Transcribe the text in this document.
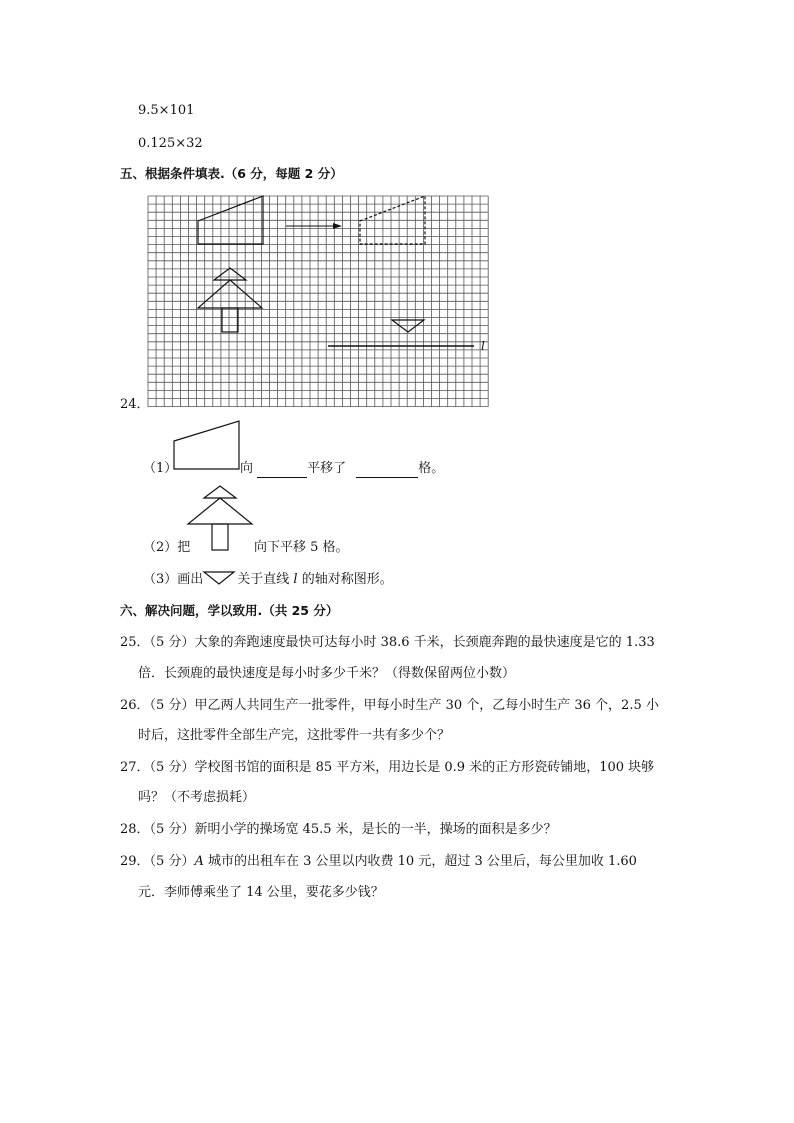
9.5×101
0.125×32
五、根据条件填表.（6 分，每题 2 分）
l
24．
（1）	向	平移了	格。
（2）把	向下平移 5 格。
（3）画出	关于直线 l 的轴对称图形。
六、解决问题，学以致用.（共 25 分）
25．（5 分）大象的奔跑速度最快可达每小时 38.6 千米，长颈鹿奔跑的最快速度是它的 1.33
倍．长颈鹿的最快速度是每小时多少千米？（得数保留两位小数）
26．（5 分）甲乙两人共同生产一批零件，甲每小时生产 30 个，乙每小时生产 36 个，2.5 小
时后，这批零件全部生产完，这批零件一共有多少个？
27．（5 分）学校图书馆的面积是 85 平方米，用边长是 0.9 米的正方形瓷砖铺地，100 块够
吗？（不考虑损耗）
28．（5 分）新明小学的操场宽 45.5 米，是长的一半，操场的面积是多少？
29．（5 分）A 城市的出租车在 3 公里以内收费 10 元，超过 3 公里后，每公里加收 1.60
元．李师傅乘坐了 14 公里，要花多少钱？
